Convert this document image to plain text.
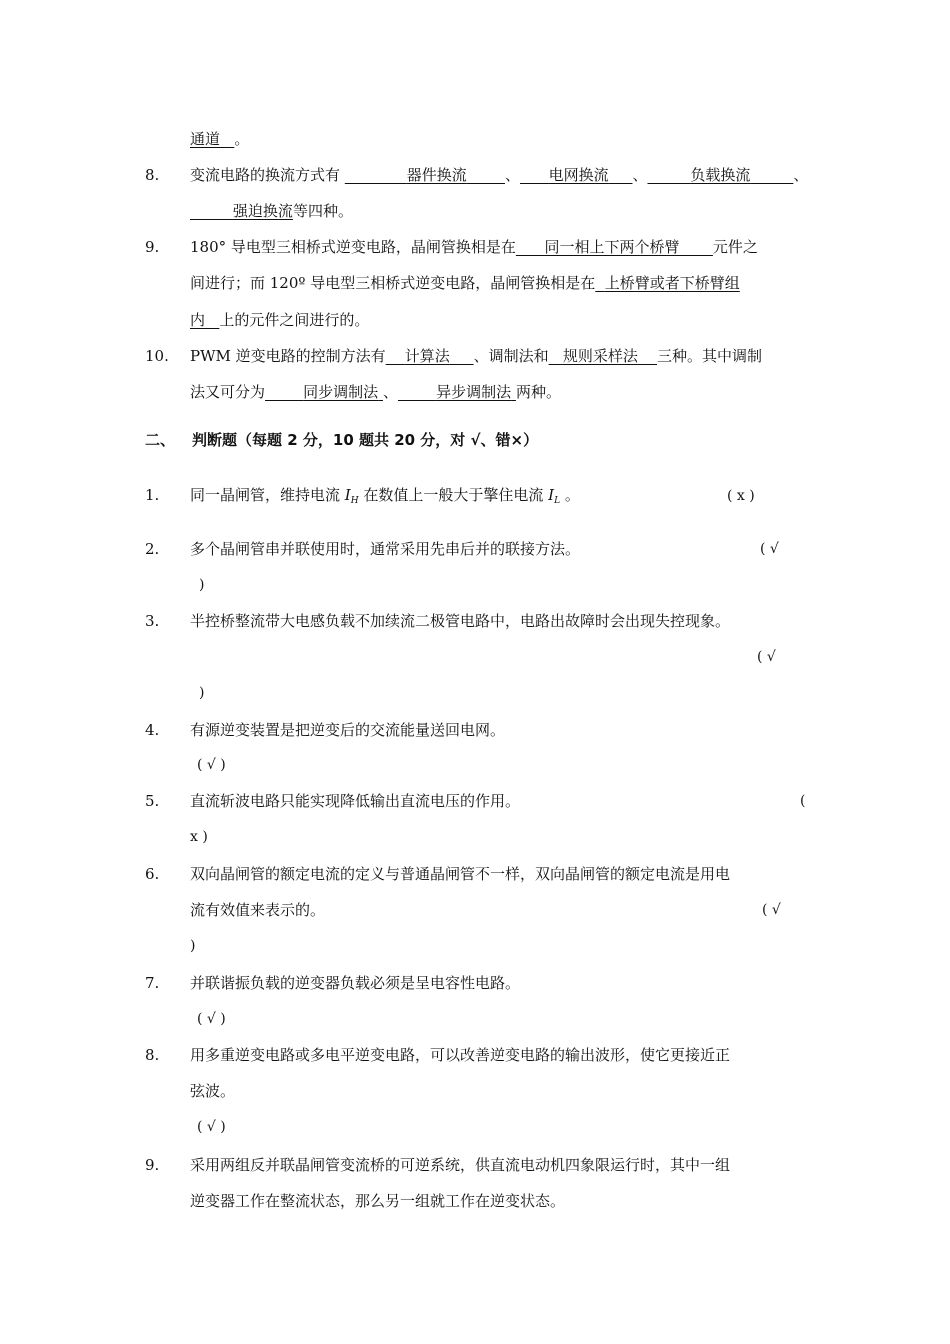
通道 。
8. 变流电路的换流方式有	器件换流	、 电网换流 、	负载换流	、
强迫换流等四种。
9. 180° 导电型三相桥式逆变电路，晶闸管换相是在 同一相上下两个桥臂 元件之
间进行；而 120º 导电型三相桥式逆变电路，晶闸管换相是在 上桥臂或者下桥臂组
内 上的元件之间进行的。
10. PWM 逆变电路的控制方法有 计算法 、调制法和 规则采样法 三种。其中调制
法又可分为	同步调制法 、	异步调制法 两种。
二、 判断题（每题 2 分，10 题共 20 分，对 √、错×）
1. 同一晶闸管，维持电流 $I_H$ 在数值上一般大于擎住电流 $I_L$ 。	( x )
2. 多个晶闸管串并联使用时，通常采用先串后并的联接方法。	( √
)
3. 半控桥整流带大电感负载不加续流二极管电路中，电路出故障时会出现失控现象。
( √
)
4. 有源逆变装置是把逆变后的交流能量送回电网。
( √ )
5. 直流斩波电路只能实现降低输出直流电压的作用。	(
x )
6. 双向晶闸管的额定电流的定义与普通晶闸管不一样，双向晶闸管的额定电流是用电
流有效值来表示的。	( √
)
7. 并联谐振负载的逆变器负载必须是呈电容性电路。
( √ )
8. 用多重逆变电路或多电平逆变电路，可以改善逆变电路的输出波形，使它更接近正
弦波。
( √ )
9. 采用两组反并联晶闸管变流桥的可逆系统，供直流电动机四象限运行时，其中一组
逆变器工作在整流状态，那么另一组就工作在逆变状态。
